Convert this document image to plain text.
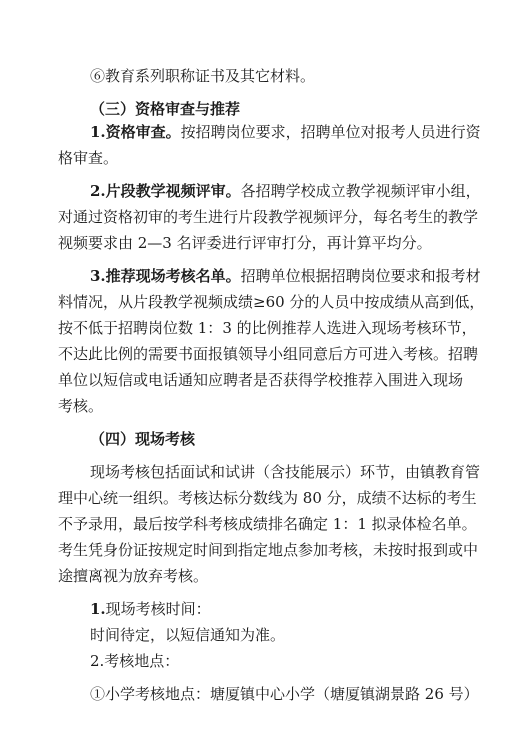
⑥教育系列职称证书及其它材料。
（三）资格审查与推荐
1.资格审查。按招聘岗位要求，招聘单位对报考人员进行资
格审查。
2.片段教学视频评审。各招聘学校成立教学视频评审小组，
对通过资格初审的考生进行片段教学视频评分，每名考生的教学
视频要求由 2—3 名评委进行评审打分，再计算平均分。
3.推荐现场考核名单。招聘单位根据招聘岗位要求和报考材
料情况，从片段教学视频成绩≥60 分的人员中按成绩从高到低，
按不低于招聘岗位数 1：3 的比例推荐人选进入现场考核环节，
不达此比例的需要书面报镇领导小组同意后方可进入考核。招聘
单位以短信或电话通知应聘者是否获得学校推荐入围进入现场
考核。
（四）现场考核
现场考核包括面试和试讲（含技能展示）环节，由镇教育管
理中心统一组织。考核达标分数线为 80 分，成绩不达标的考生
不予录用，最后按学科考核成绩排名确定 1：1 拟录体检名单。
考生凭身份证按规定时间到指定地点参加考核，未按时报到或中
途擅离视为放弃考核。
1.现场考核时间：
时间待定，以短信通知为准。
2.考核地点：
①小学考核地点：塘厦镇中心小学（塘厦镇湖景路 26 号）
